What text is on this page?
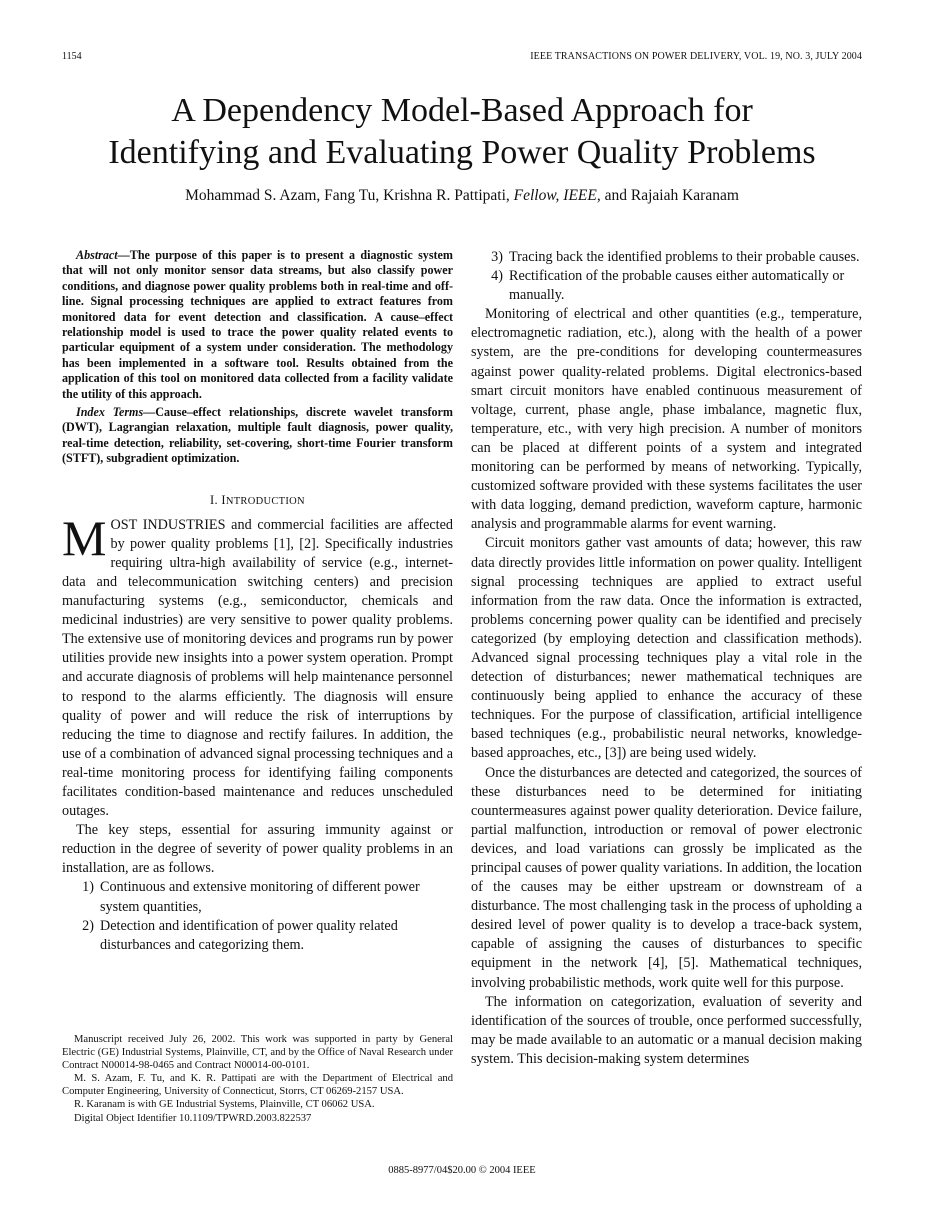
1154	IEEE TRANSACTIONS ON POWER DELIVERY, VOL. 19, NO. 3, JULY 2004
A Dependency Model-Based Approach for
Identifying and Evaluating Power Quality Problems
Mohammad S. Azam, Fang Tu, Krishna R. Pattipati, Fellow, IEEE, and Rajaiah Karanam

Abstract—The purpose of this paper is to present a diagnostic system that will not only monitor sensor data streams, but also classify power conditions, and diagnose power quality problems both in real-time and off-line. Signal processing techniques are applied to extract features from monitored data for event detection and classification. A cause–effect relationship model is used to trace the power quality related events to particular equipment of a system under consideration. The methodology has been implemented in a software tool. Results obtained from the application of this tool on monitored data collected from a facility validate the utility of this approach.

Index Terms—Cause–effect relationships, discrete wavelet transform (DWT), Lagrangian relaxation, multiple fault diagnosis, power quality, real-time detection, reliability, set-covering, short-time Fourier transform (STFT), subgradient optimization.

I. INTRODUCTION

MOST INDUSTRIES and commercial facilities are affected by power quality problems [1], [2]. Specifically industries requiring ultra-high availability of service (e.g., internet-data and telecommunication switching centers) and precision manufacturing systems (e.g., semiconductor, chemicals and medicinal industries) are very sensitive to power quality problems. The extensive use of monitoring devices and programs run by power utilities provide new insights into a power system operation. Prompt and accurate diagnosis of problems will help maintenance personnel to respond to the alarms efficiently. The diagnosis will ensure quality of power and will reduce the risk of interruptions by reducing the time to diagnose and rectify failures. In addition, the use of a combination of advanced signal processing techniques and a real-time monitoring process for identifying failing components facilitates condition-based maintenance and reduces unscheduled outages.

The key steps, essential for assuring immunity against or reduction in the degree of severity of power quality problems in an installation, are as follows.

1) Continuous and extensive monitoring of different power system quantities,
2) Detection and identification of power quality related disturbances and categorizing them.

Manuscript received July 26, 2002. This work was supported in party by General Electric (GE) Industrial Systems, Plainville, CT, and by the Office of Naval Research under Contract N00014-98-0465 and Contract N00014-00-0101.

M. S. Azam, F. Tu, and K. R. Pattipati are with the Department of Electrical and Computer Engineering, University of Connecticut, Storrs, CT 06269-2157 USA.

R. Karanam is with GE Industrial Systems, Plainville, CT 06062 USA.

Digital Object Identifier 10.1109/TPWRD.2003.822537

3) Tracing back the identified problems to their probable causes.
4) Rectification of the probable causes either automatically or manually.

Monitoring of electrical and other quantities (e.g., temperature, electromagnetic radiation, etc.), along with the health of a power system, are the pre-conditions for developing countermeasures against power quality-related problems. Digital electronics-based smart circuit monitors have enabled continuous measurement of voltage, current, phase angle, phase imbalance, magnetic flux, temperature, etc., with very high precision. A number of monitors can be placed at different points of a system and integrated monitoring can be performed by means of networking. Typically, customized software provided with these systems facilitates the user with data logging, demand prediction, waveform capture, harmonic analysis and programmable alarms for event warning.

Circuit monitors gather vast amounts of data; however, this raw data directly provides little information on power quality. Intelligent signal processing techniques are applied to extract useful information from the raw data. Once the information is extracted, problems concerning power quality can be identified and precisely categorized (by employing detection and classification methods). Advanced signal processing techniques play a vital role in the detection of disturbances; newer mathematical techniques are continuously being applied to enhance the accuracy of these techniques. For the purpose of classification, artificial intelligence based techniques (e.g., probabilistic neural networks, knowledge-based approaches, etc., [3]) are being used widely.

Once the disturbances are detected and categorized, the sources of these disturbances need to be determined for initiating countermeasures against power quality deterioration. Device failure, partial malfunction, introduction or removal of power electronic devices, and load variations can grossly be implicated as the principal causes of power quality variations. In addition, the location of the causes may be either upstream or downstream of a disturbance. The most challenging task in the process of upholding a desired level of power quality is to develop a trace-back system, capable of assigning the causes of disturbances to specific equipment in the network [4], [5]. Mathematical techniques, involving probabilistic methods, work quite well for this purpose.

The information on categorization, evaluation of severity and identification of the sources of trouble, once performed successfully, may be made available to an automatic or a manual decision making system. This decision-making system determines

0885-8977/04$20.00 © 2004 IEEE
